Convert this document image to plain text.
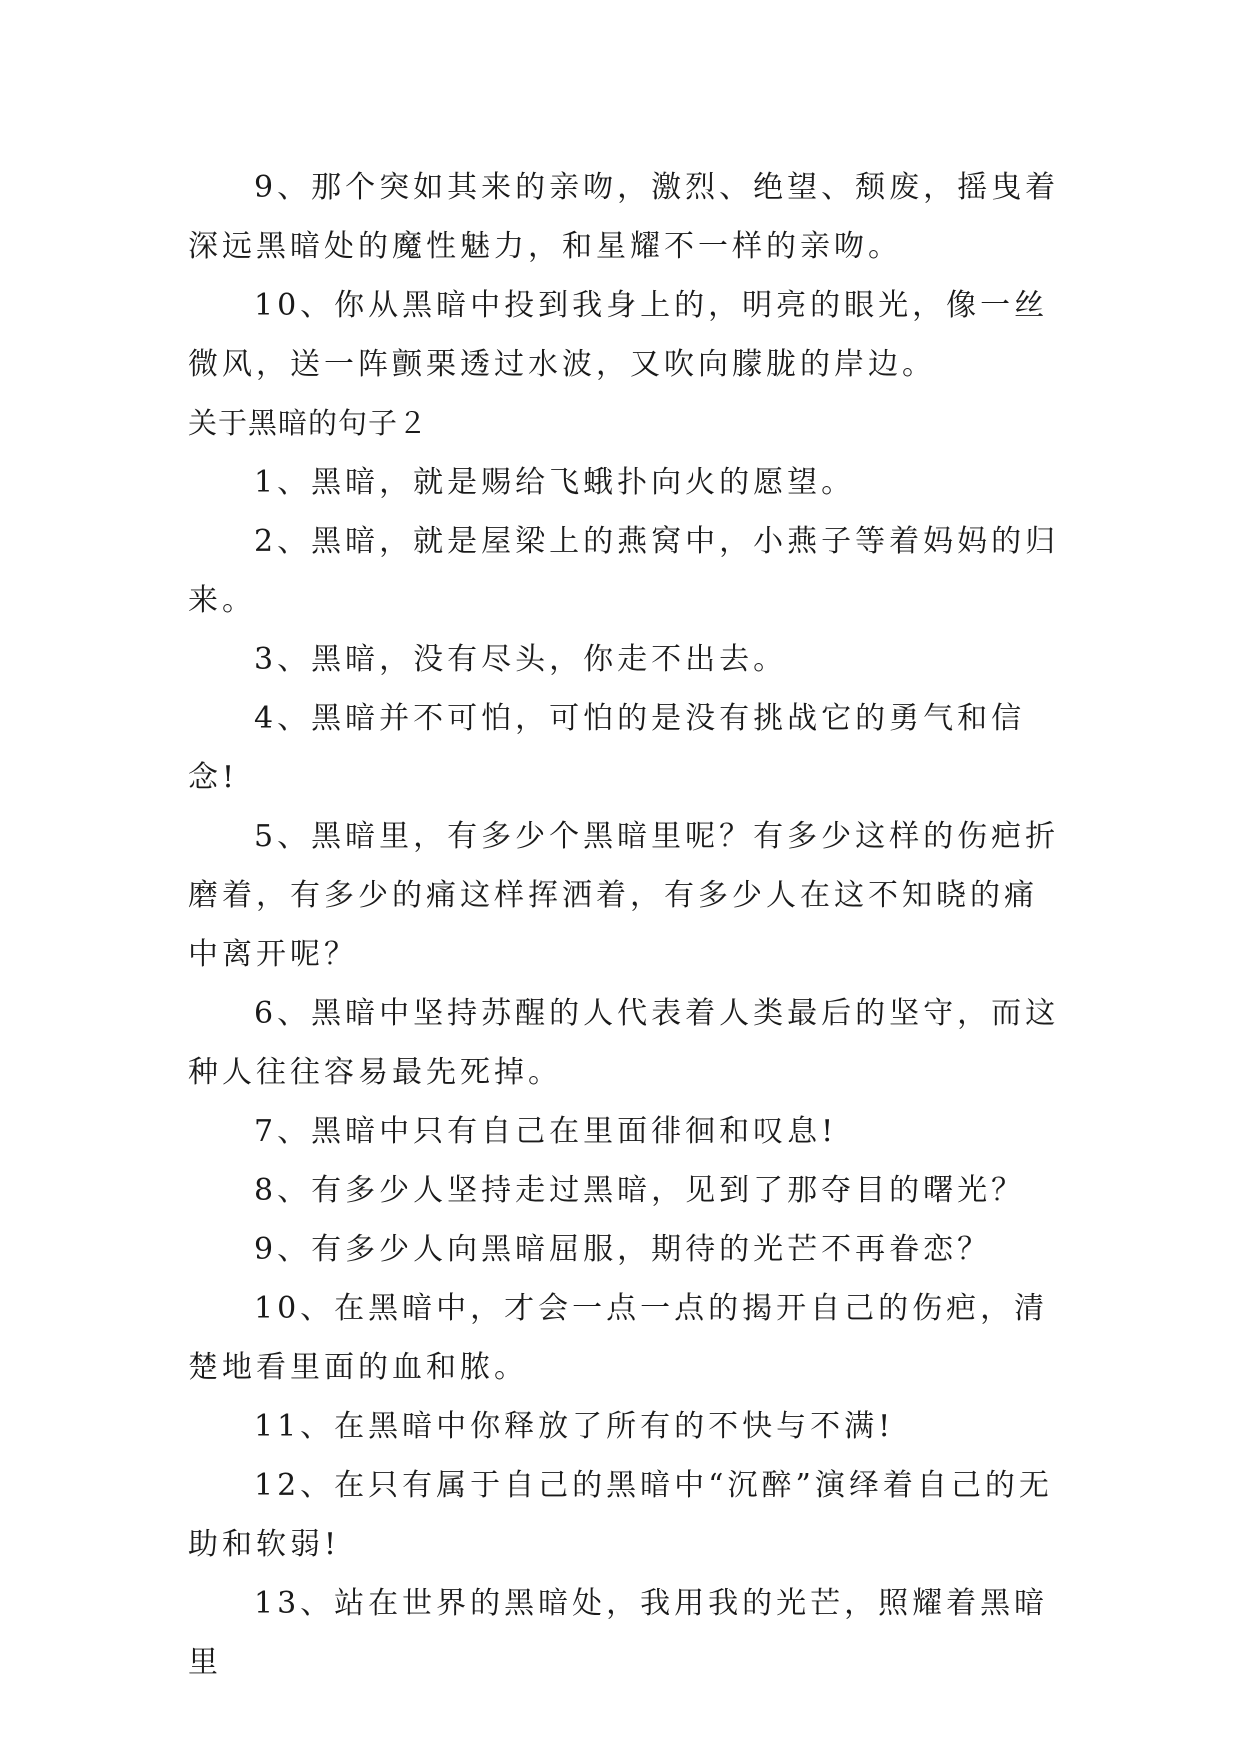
9、那个突如其来的亲吻，激烈、绝望、颓废，摇曳着深远黑暗处的魔性魅力，和星耀不一样的亲吻。

10、你从黑暗中投到我身上的，明亮的眼光，像一丝微风，送一阵颤栗透过水波，又吹向朦胧的岸边。

关于黑暗的句子２

1、黑暗，就是赐给飞蛾扑向火的愿望。

2、黑暗，就是屋梁上的燕窝中，小燕子等着妈妈的归来。

3、黑暗，没有尽头，你走不出去。

4、黑暗并不可怕，可怕的是没有挑战它的勇气和信念!

5、黑暗里，有多少个黑暗里呢？有多少这样的伤疤折磨着，有多少的痛这样挥洒着，有多少人在这不知晓的痛中离开呢？

6、黑暗中坚持苏醒的人代表着人类最后的坚守，而这种人往往容易最先死掉。

7、黑暗中只有自己在里面徘徊和叹息!

8、有多少人坚持走过黑暗，见到了那夺目的曙光？

9、有多少人向黑暗屈服，期待的光芒不再眷恋？

10、在黑暗中，才会一点一点的揭开自己的伤疤，清楚地看里面的血和脓。

11、在黑暗中你释放了所有的不快与不满!

12、在只有属于自己的黑暗中“沉醉”演绎着自己的无助和软弱!

13、站在世界的黑暗处，我用我的光芒，照耀着黑暗里
